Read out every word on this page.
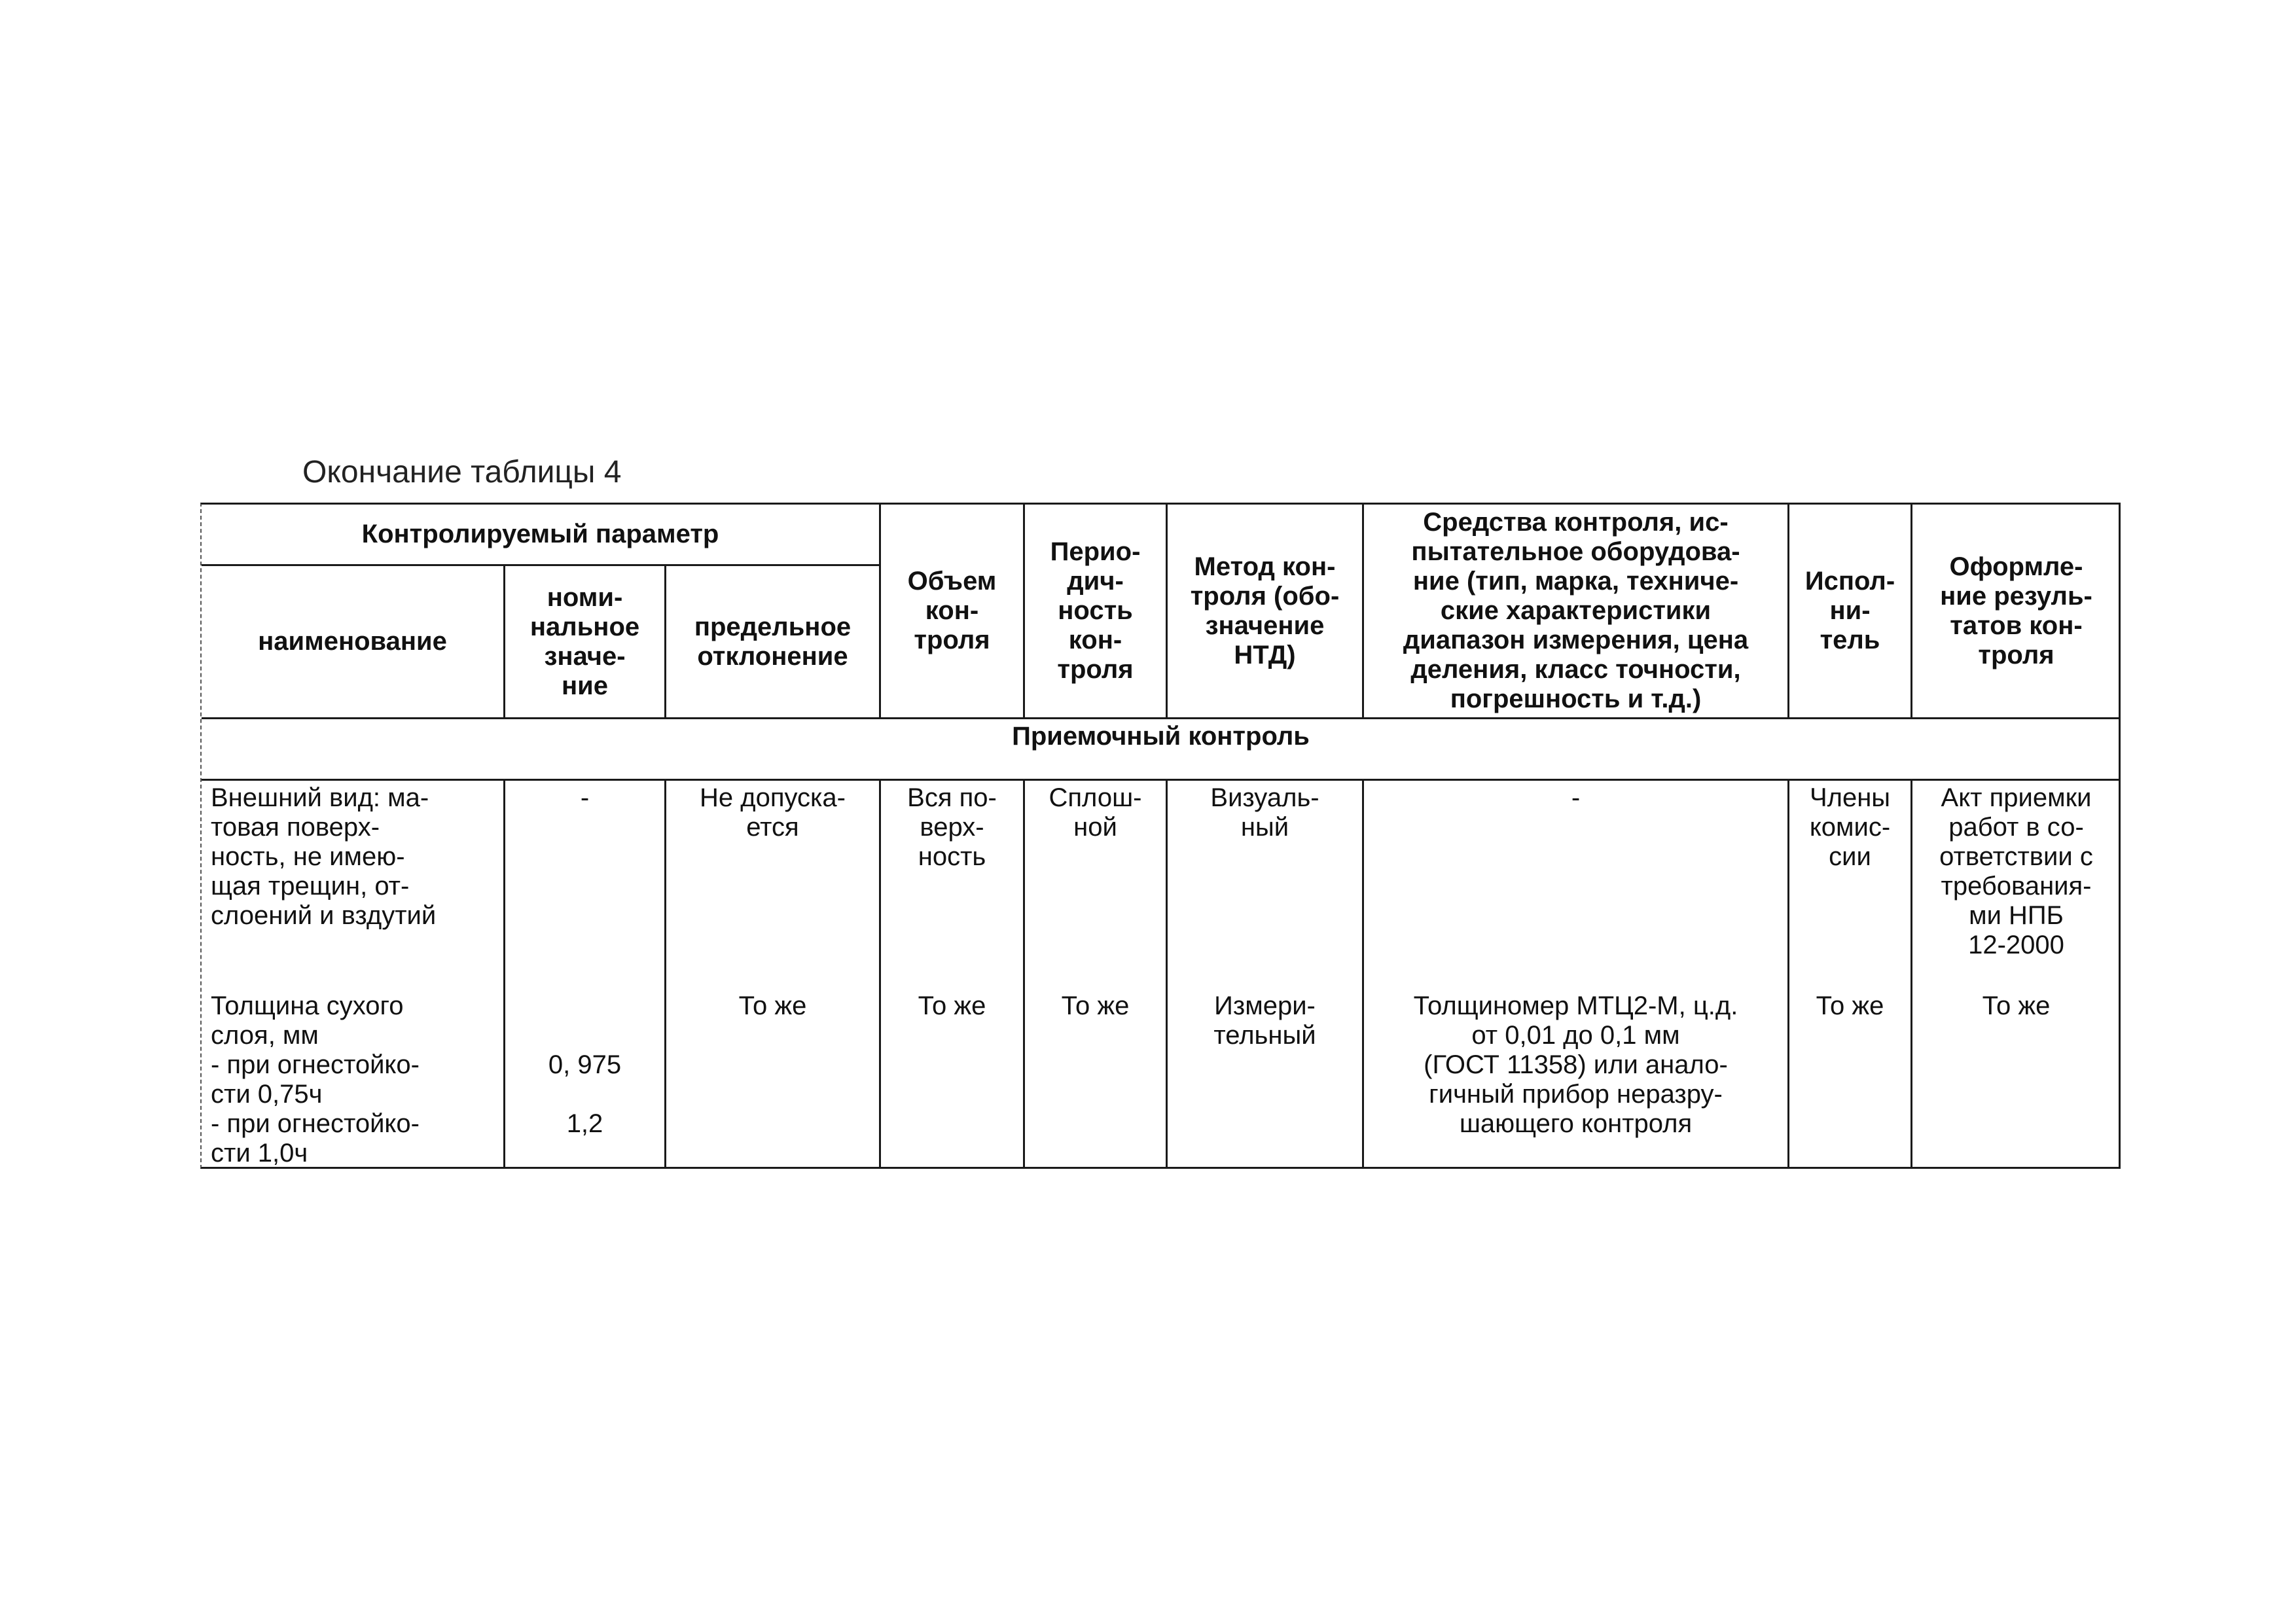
Окончание таблицы 4
Контролируемый параметр
Объем
кон-
троля
Перио-
дич-
ность
кон-
троля
Метод кон-
троля (обо-
значение
НТД)
Средства контроля, ис-
пытательное оборудова-
ние (тип, марка, техниче-
ские характеристики
диапазон измерения, цена
деления, класс точности,
погрешность и т.д.)
Испол-
ни-
тель
Оформле-
ние резуль-
татов кон-
троля
наименование
номи-
нальное
значе-
ние
предельное
отклонение
Приемочный контроль
Внешний вид: ма-
товая поверх-
ность, не имею-
щая трещин, от-
слоений и вздутий
Толщина сухого
слоя, мм
- при огнестойко-
сти 0,75ч
- при огнестойко-
сти 1,0ч
-
0, 975
1,2
Не допуска-
ется
То же
Вся по-
верх-
ность
То же
Сплош-
ной
То же
Визуаль-
ный
Измери-
тельный
-
Толщиномер МТЦ2-М, ц.д.
от 0,01 до 0,1 мм
(ГОСТ 11358) или анало-
гичный прибор неразру-
шающего контроля
Члены
комис-
сии
То же
Акт приемки
работ в со-
ответствии с
требования-
ми НПБ
12-2000
То же
